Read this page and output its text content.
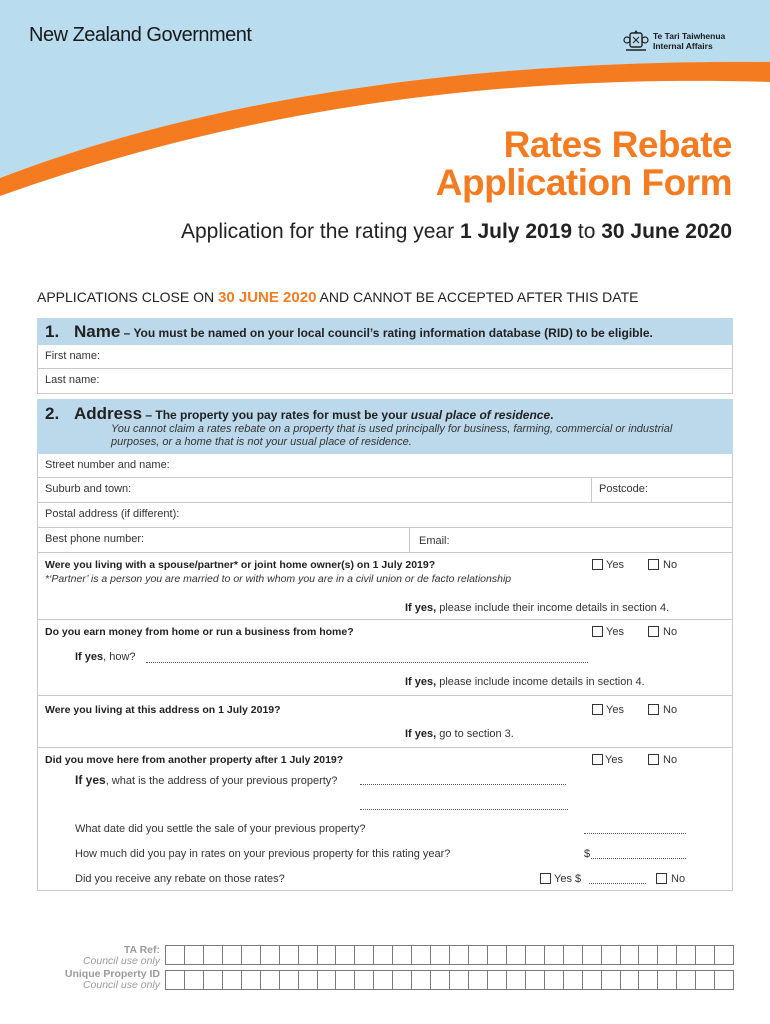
New Zealand Government	Te Tari Taiwhenua
Internal Affairs
Rates Rebate
Application Form
Application for the rating year 1 July 2019 to 30 June 2020
APPLICATIONS CLOSE ON 30 JUNE 2020 AND CANNOT BE ACCEPTED AFTER THIS DATE
1. Name – You must be named on your local council’s rating information database (RID) to be eligible.
First name:
Last name:
2. Address – The property you pay rates for must be your usual place of residence.
You cannot claim a rates rebate on a property that is used principally for business, farming, commercial or industrial
purposes, or a home that is not your usual place of residence.
Street number and name:
Suburb and town:	Postcode:
Postal address (if different):
Best phone number:	Email:
Were you living with a spouse/partner* or joint home owner(s) on 1 July 2019?
*‘Partner’ is a person you are married to or with whom you are in a civil union or de facto relationship
Yes	No
If yes, please include their income details in section 4.
Do you earn money from home or run a business from home?	Yes	No
If yes, how?
If yes, please include income details in section 4.
Were you living at this address on 1 July 2019?	Yes	No
If yes, go to section 3.
Did you move here from another property after 1 July 2019?	Yes	No
If yes, what is the address of your previous property?
What date did you settle the sale of your previous property?
How much did you pay in rates on your previous property for this rating year?	$
Did you receive any rebate on those rates?	Yes $	No
TA Ref:
Council use only
Unique Property ID
Council use only
